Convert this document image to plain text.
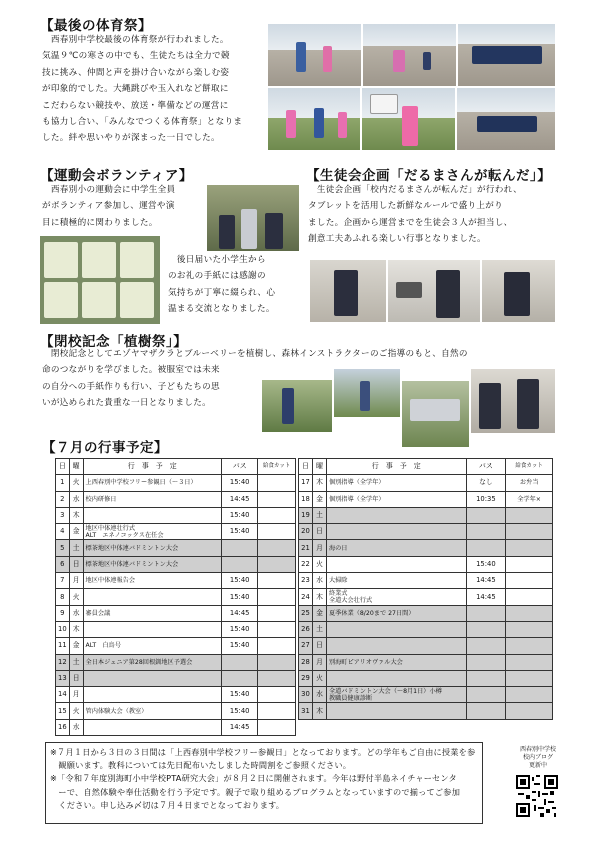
【最後の体育祭】

　西春別中学校最後の体育祭が行われました。

気温９℃の寒さの中でも、生徒たちは全力で競

技に挑み、仲間と声を掛け合いながら楽しむ姿

が印象的でした。大縄跳びや玉入れなど餅取に

こだわらない競技や、放送・準備などの運営に

も協力し合い、「みんなでつくる体育祭」となりま

した。絆や思いやりが深まった一日でした。

【運動会ボランティア】

　西春別小の運動会に中学生全員

がボランティア参加し、運営や演

目に積極的に関わりました。

　後日届いた小学生から

のお礼の手紙には感謝の

気持ちが丁寧に綴られ、心

温まる交流となりました。

【生徒会企画「だるまさんが転んだ」】

　生徒会企画「校内だるまさんが転んだ」が行われ、

タブレットを活用した新鮮なルールで盛り上がり

ました。企画から運営までを生徒会３人が担当し、

創意工夫あふれる楽しい行事となりました。

【閉校記念「植樹祭」】

　閉校記念としてエゾヤマザクラとブルーベリーを植樹し、森林インストラクターのご指導のもと、自然の

命のつながりを学びました。被服室では未来

の自分への手紙作りも行い、子どもたちの思

いが込められた貴重な一日となりました。

【７月の行事予定】
日	曜	行　事　予　定	バス	給食カット
1	火	上西春別中学校フリー参観日（～３日）	15:40	
2	水	校内研修日	14:45	
3	木		15:40	
4	金	地区中体連壮行式
ALT　エネノコックス在任会	15:40	
5	土	標茶地区中体連バドミントン大会		
6	日	標茶地区中体連バドミントン大会		
7	月	地区中体連報告会	15:40	
8	火		15:40	
9	水	審員会議	14:45	
10	木		15:40	
11	金	ALT　白鳥号	15:40	
12	土	全日本ジュニア第28回根釧地区予選会		
13	日			
14	月		15:40	
15	火	管内体験大会（教室）	15:40	
16	水		14:45	
日	曜	行　事　予　定	バス	給食カット
17	木	個別指導（全学年）	なし	お弁当
18	金	個別指導（全学年）	10:35	全学年×
19	土			
20	日			
21	月	海の日		
22	火		15:40	
23	水	大掃除	14:45	
24	木	終業式
全道大会壮行式	14:45	
25	金	夏季休業（8/20まで 27日間）		
26	土			
27	日			
28	月	別海町ピアリオヴァル大会		
29	火			
30	水	全道バドミントン大会（～8月1日）小樽
教職員健康診断		
31	木			

※７月１日から３日の３日間は「上西春別中学校フリー参観日」となっております。どの学年もご自由に授業を参

　観願います。教科については先日配布いたしました時間割をご参照ください。

※「令和７年度別海町小中学校PTA研究大会」が８月２日に開催されます。今年は野付半島ネイチャーセンタ

　ーで、自然体験や奉仕活動を行う予定です。親子で取り組めるプログラムとなっていますので揃ってご参加

　ください。申し込み〆切は７月４日までとなっております。

西春別中学校
校内ブログ
更新中
